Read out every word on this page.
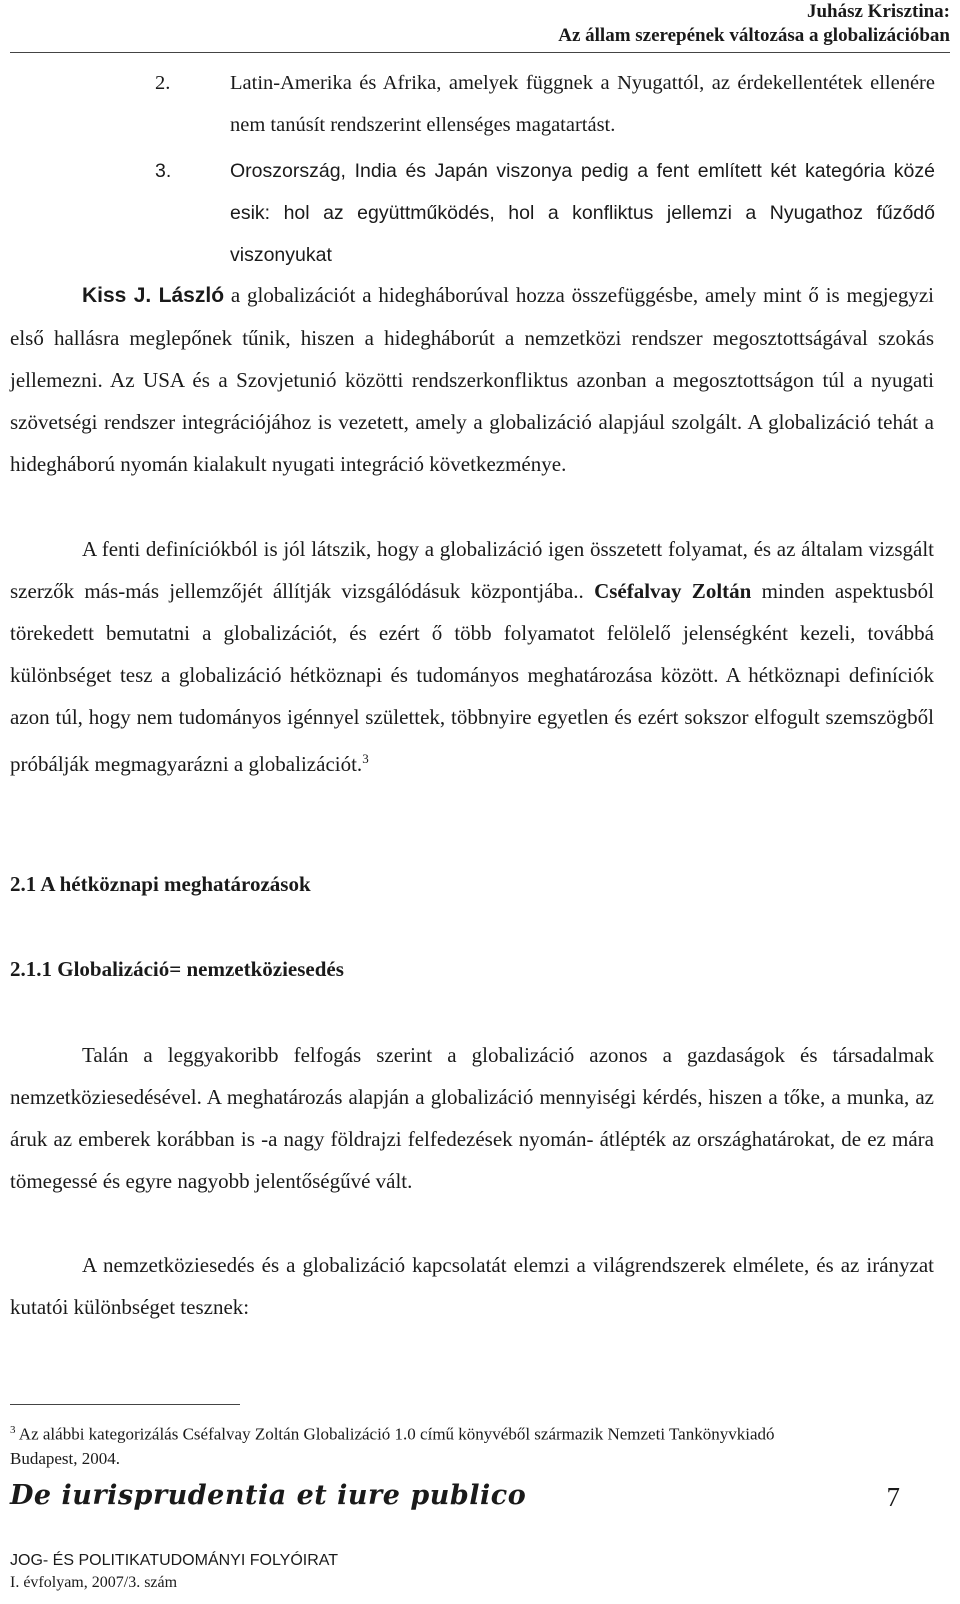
Juhász Krisztina:
Az állam szerepének változása a globalizációban
2.	Latin-Amerika és Afrika, amelyek függnek a Nyugattól, az érdekellentétek ellenére nem tanúsít rendszerint ellenséges magatartást.
3.	Oroszország, India és Japán viszonya pedig a fent említett két kategória közé esik: hol az együttműködés, hol a konfliktus jellemzi a Nyugathoz fűződő viszonyukat
Kiss J. László a globalizációt a hidegháborúval hozza összefüggésbe, amely mint ő is megjegyzi első hallásra meglepőnek tűnik, hiszen a hidegháborút a nemzetközi rendszer megosztottságával szokás jellemezni. Az USA és a Szovjetunió közötti rendszerkonfliktus azonban a megosztottságon túl a nyugati szövetségi rendszer integrációjához is vezetett, amely a globalizáció alapjául szolgált. A globalizáció tehát a hidegháború nyomán kialakult nyugati integráció következménye.
A fenti definíciókból is jól látszik, hogy a globalizáció igen összetett folyamat, és az általam vizsgált szerzők más-más jellemzőjét állítják vizsgálódásuk központjába.. Cséfalvay Zoltán minden aspektusból törekedett bemutatni a globalizációt, és ezért ő több folyamatot felölelő jelenségként kezeli, továbbá különbséget tesz a globalizáció hétköznapi és tudományos meghatározása között. A hétköznapi definíciók azon túl, hogy nem tudományos igénnyel születtek, többnyire egyetlen és ezért sokszor elfogult szemszögből próbálják megmagyarázni a globalizációt.$^3$
2.1 A hétköznapi meghatározások
2.1.1 Globalizáció= nemzetköziesedés
Talán a leggyakoribb felfogás szerint a globalizáció azonos a gazdaságok és társadalmak nemzetköziesedésével. A meghatározás alapján a globalizáció mennyiségi kérdés, hiszen a tőke, a munka, az áruk az emberek korábban is -a nagy földrajzi felfedezések nyomán- átlépték az országhatárokat, de ez mára tömegessé és egyre nagyobb jelentőségűvé vált.
A nemzetköziesedés és a globalizáció kapcsolatát elemzi a világrendszerek elmélete, és az irányzat kutatói különbséget tesznek:
$^3$ Az alábbi kategorizálás Cséfalvay Zoltán Globalizáció 1.0 című könyvéből származik Nemzeti Tankönyvkiadó Budapest, 2004.
De iurisprudentia et iure publico	7
JOG- ÉS POLITIKATUDOMÁNYI FOLYÓIRAT
I. évfolyam, 2007/3. szám
